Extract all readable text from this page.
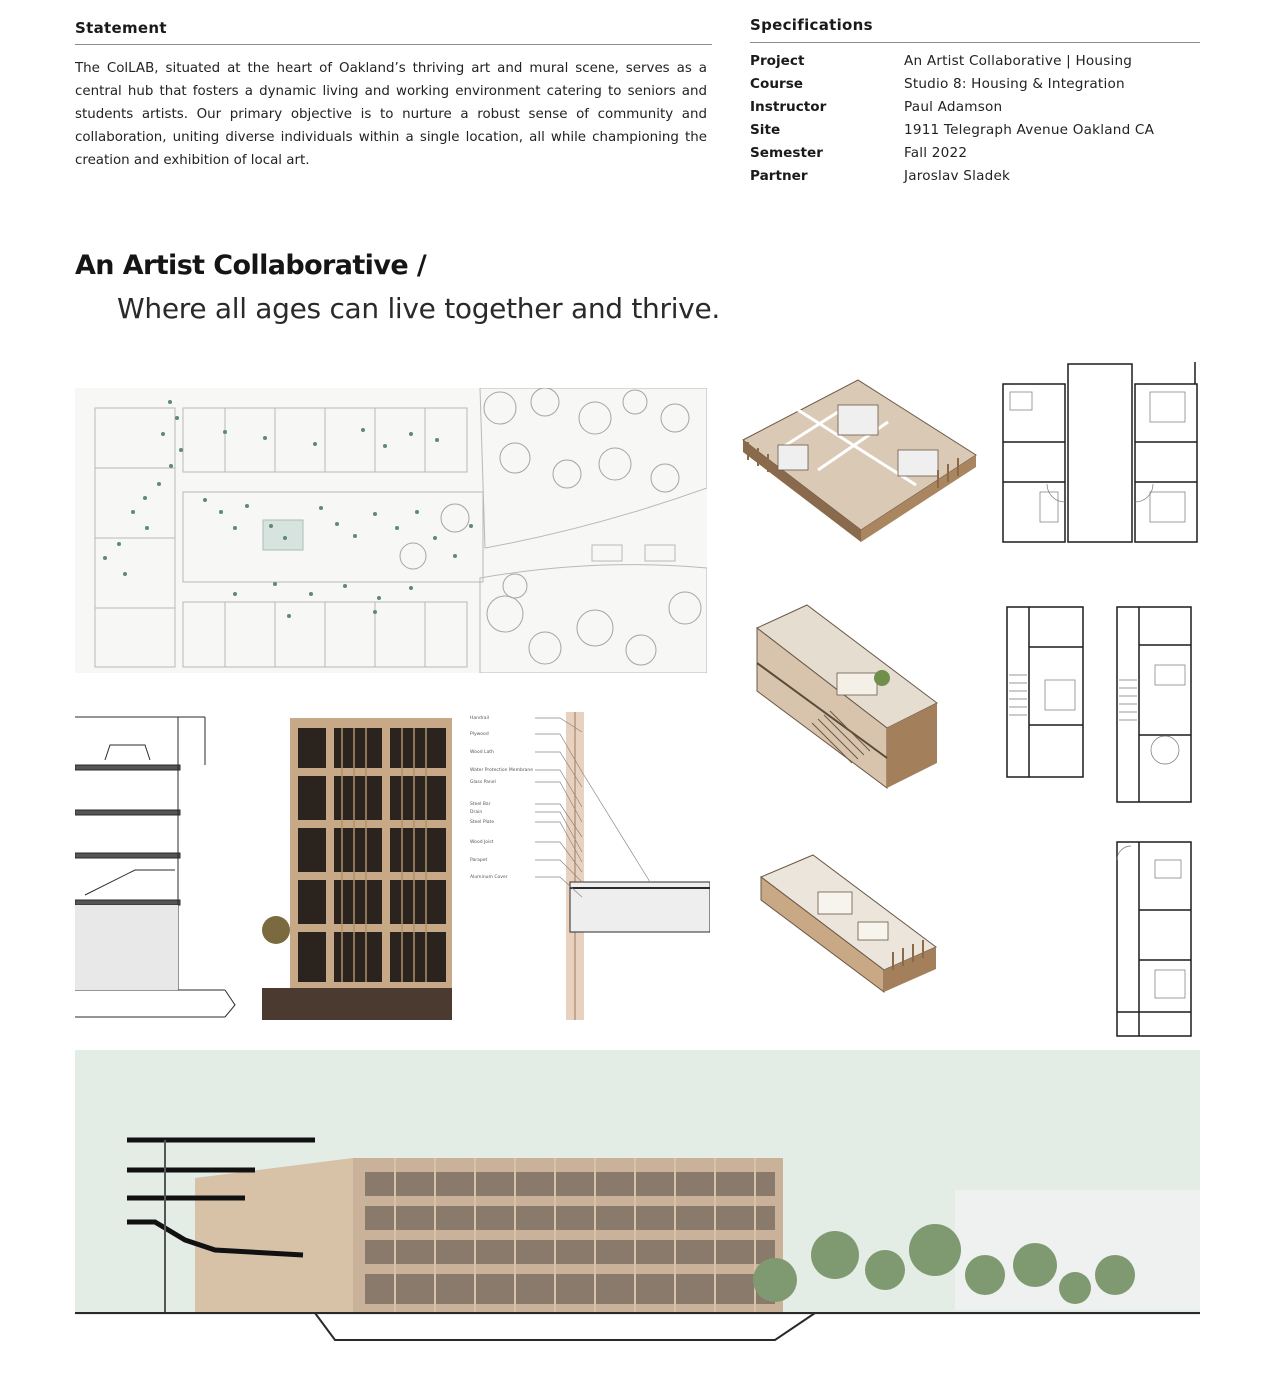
Statement
The ColLAB, situated at the heart of Oakland’s thriving art and mural scene, serves as a central hub that fosters a dynamic living and working environment catering to seniors and students artists. Our primary objective is to nurture a robust sense of community and collaboration, uniting diverse individuals within a single location, all while championing the creation and exhibition of local art.
Specifications
Project	An Artist Collaborative | Housing
Course	Studio 8: Housing & Integration
Instructor	Paul Adamson
Site	1911 Telegraph Avenue Oakland CA
Semester	Fall 2022
Partner	Jaroslav Sladek
An Artist Collaborative /
Where all ages can live together and thrive.
Handrail
Plywood
Wood Lath
Water Protection Membrane
Glass Panel
Steel Bar
Drain
Steel Plate
Wood Joist
Parapet
Aluminum Cover
